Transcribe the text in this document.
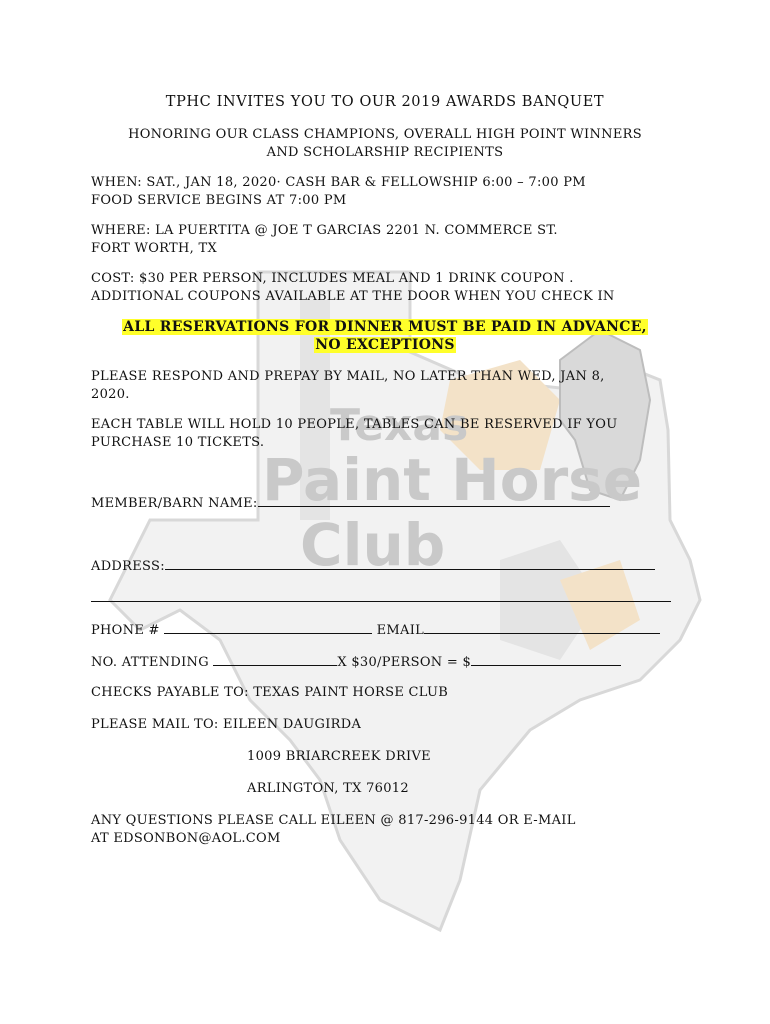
Texas
Paint Horse
Club
TPHC INVITES YOU TO OUR 2019 AWARDS BANQUET
HONORING OUR CLASS CHAMPIONS, OVERALL HIGH POINT WINNERS
AND SCHOLARSHIP RECIPIENTS
WHEN: SAT., JAN 18, 2020· CASH BAR & FELLOWSHIP 6:00 – 7:00 PM
FOOD SERVICE BEGINS AT 7:00 PM
WHERE: LA PUERTITA @ JOE T GARCIAS 2201 N. COMMERCE ST.
FORT WORTH, TX
COST: $30 PER PERSON, INCLUDES MEAL AND 1 DRINK COUPON .
ADDITIONAL COUPONS AVAILABLE AT THE DOOR WHEN YOU CHECK IN
ALL RESERVATIONS FOR DINNER MUST BE PAID IN ADVANCE,
NO EXCEPTIONS
PLEASE RESPOND AND PREPAY BY MAIL, NO LATER THAN WED, JAN 8,
2020.
EACH TABLE WILL HOLD 10 PEOPLE, TABLES CAN BE RESERVED IF YOU
PURCHASE 10 TICKETS.
MEMBER/BARN NAME:
ADDRESS:
PHONE #	EMAIL
NO. ATTENDING	X $30/PERSON = $
CHECKS PAYABLE TO: TEXAS PAINT HORSE CLUB
PLEASE MAIL TO: EILEEN DAUGIRDA
1009 BRIARCREEK DRIVE
ARLINGTON, TX 76012
ANY QUESTIONS PLEASE CALL EILEEN @ 817-296-9144 OR E-MAIL
AT EDSONBON@AOL.COM
